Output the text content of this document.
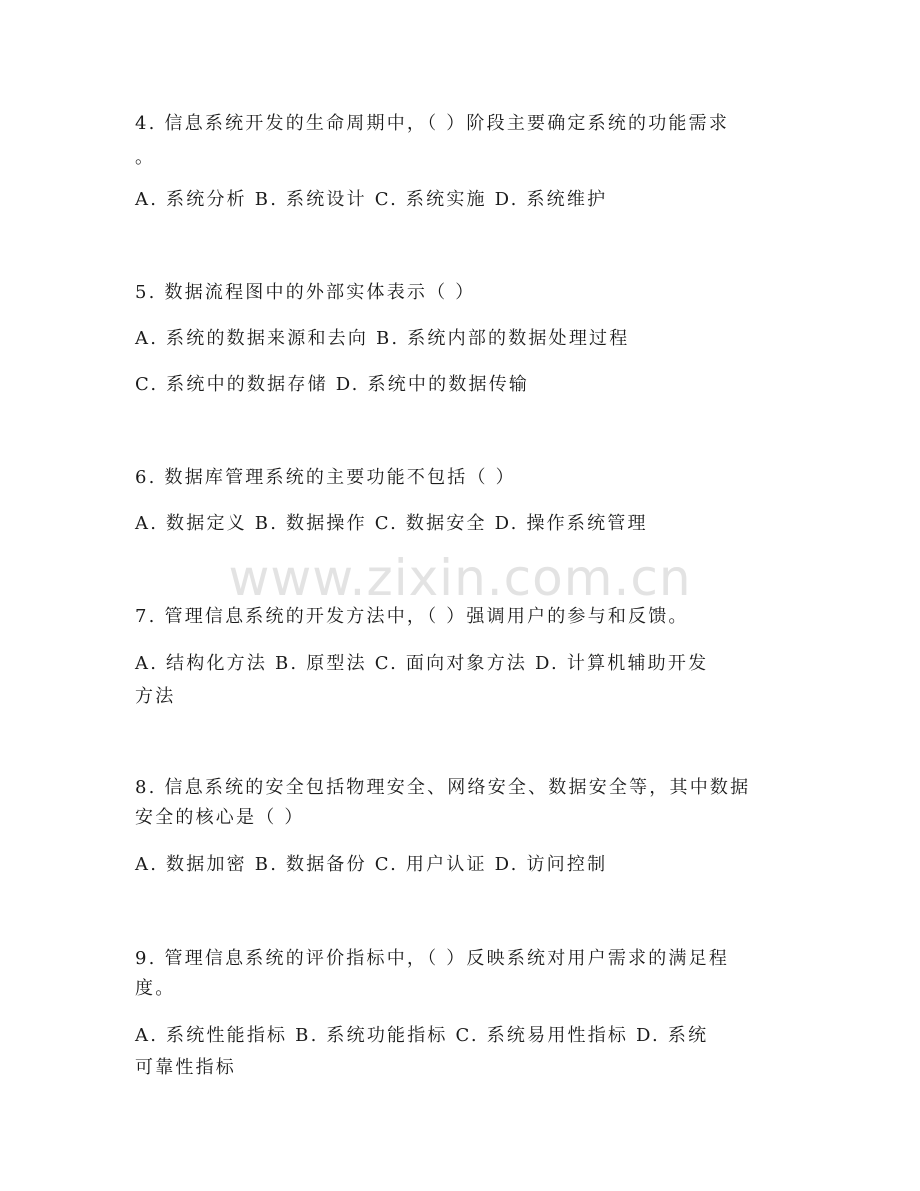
4. 信息系统开发的生命周期中，（ ）阶段主要确定系统的功能需求
。
A. 系统分析 B. 系统设计 C. 系统实施 D. 系统维护
5. 数据流程图中的外部实体表示（ ）
A. 系统的数据来源和去向 B. 系统内部的数据处理过程
C. 系统中的数据存储 D. 系统中的数据传输
6. 数据库管理系统的主要功能不包括（ ）
A. 数据定义 B. 数据操作 C. 数据安全 D. 操作系统管理
www.zixin.com.cn
7. 管理信息系统的开发方法中，（ ）强调用户的参与和反馈。
A. 结构化方法 B. 原型法 C. 面向对象方法 D. 计算机辅助开发
方法
8. 信息系统的安全包括物理安全、网络安全、数据安全等，其中数据
安全的核心是（ ）
A. 数据加密 B. 数据备份 C. 用户认证 D. 访问控制
9. 管理信息系统的评价指标中，（ ）反映系统对用户需求的满足程
度。
A. 系统性能指标 B. 系统功能指标 C. 系统易用性指标 D. 系统
可靠性指标
